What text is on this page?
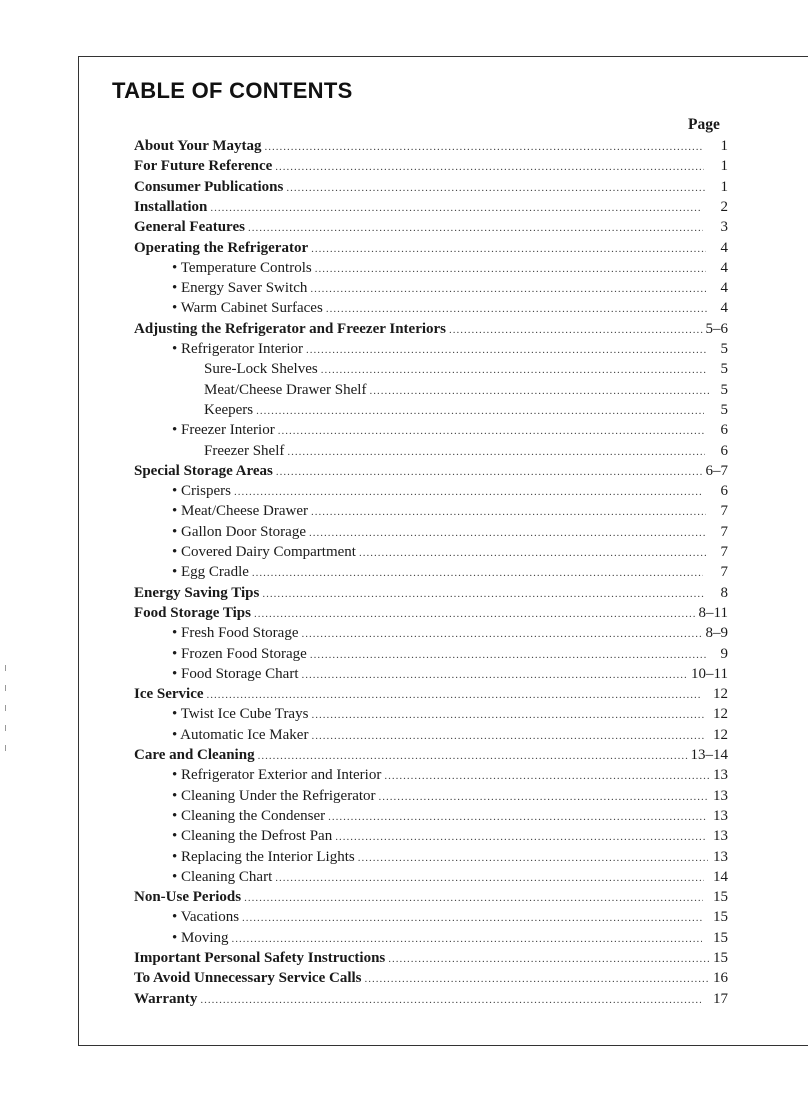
TABLE OF CONTENTS
Page
About Your Maytag .....	1
For Future Reference .....	1
Consumer Publications .....	1
Installation .....	2
General Features .....	3
Operating the Refrigerator .....	4
• Temperature Controls .....	4
• Energy Saver Switch .....	4
• Warm Cabinet Surfaces .....	4
Adjusting the Refrigerator and Freezer Interiors .....	5–6
• Refrigerator Interior .....	5
Sure-Lock Shelves .....	5
Meat/Cheese Drawer Shelf .....	5
Keepers .....	5
• Freezer Interior .....	6
Freezer Shelf .....	6
Special Storage Areas .....	6–7
• Crispers .....	6
• Meat/Cheese Drawer .....	7
• Gallon Door Storage .....	7
• Covered Dairy Compartment .....	7
• Egg Cradle .....	7
Energy Saving Tips .....	8
Food Storage Tips .....	8–11
• Fresh Food Storage .....	8–9
• Frozen Food Storage .....	9
• Food Storage Chart .....	10–11
Ice Service .....	12
• Twist Ice Cube Trays .....	12
• Automatic Ice Maker .....	12
Care and Cleaning .....	13–14
• Refrigerator Exterior and Interior .....	13
• Cleaning Under the Refrigerator .....	13
• Cleaning the Condenser .....	13
• Cleaning the Defrost Pan .....	13
• Replacing the Interior Lights .....	13
• Cleaning Chart .....	14
Non-Use Periods .....	15
• Vacations .....	15
• Moving .....	15
Important Personal Safety Instructions .....	15
To Avoid Unnecessary Service Calls .....	16
Warranty .....	17
